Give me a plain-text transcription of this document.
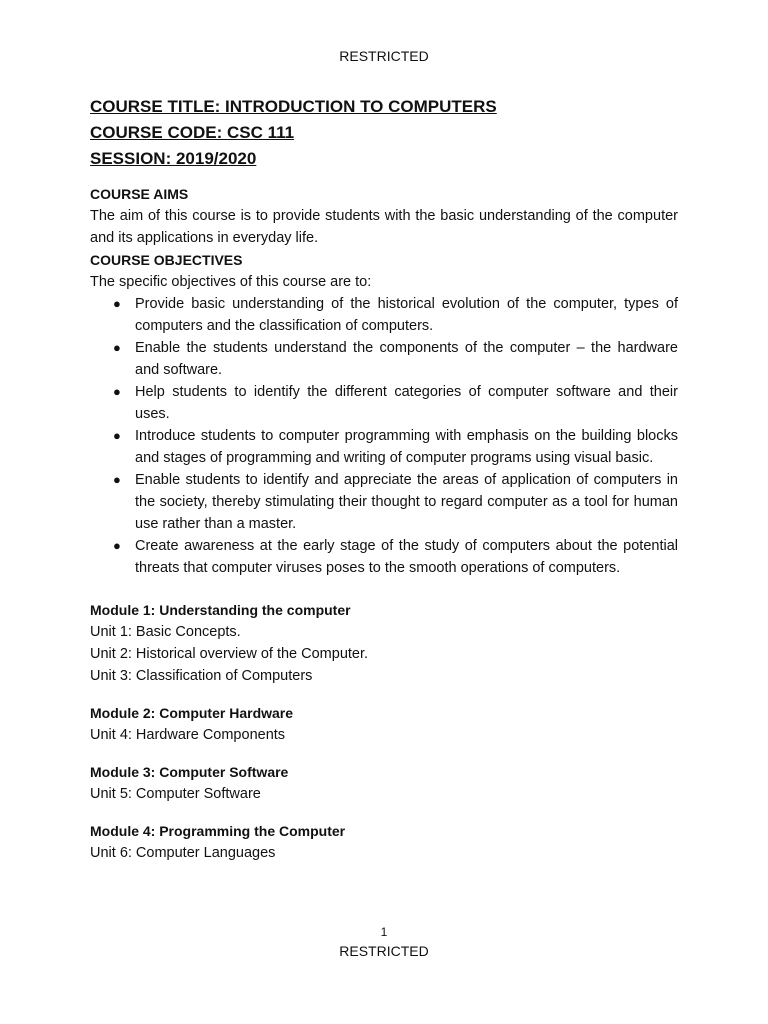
RESTRICTED

COURSE TITLE: INTRODUCTION TO COMPUTERS

COURSE CODE: CSC 111

SESSION: 2019/2020

COURSE AIMS

The aim of this course is to provide students with the basic understanding of the computer and its applications in everyday life.

COURSE OBJECTIVES

The specific objectives of this course are to:

● Provide basic understanding of the historical evolution of the computer, types of computers and the classification of computers.
● Enable the students understand the components of the computer – the hardware and software.
● Help students to identify the different categories of computer software and their uses.
● Introduce students to computer programming with emphasis on the building blocks and stages of programming and writing of computer programs using visual basic.
● Enable students to identify and appreciate the areas of application of computers in the society, thereby stimulating their thought to regard computer as a tool for human use rather than a master.
● Create awareness at the early stage of the study of computers about the potential threats that computer viruses poses to the smooth operations of computers.

Module 1: Understanding the computer

Unit 1: Basic Concepts.

Unit 2: Historical overview of the Computer.

Unit 3: Classification of Computers

Module 2: Computer Hardware

Unit 4: Hardware Components

Module 3: Computer Software

Unit 5: Computer Software

Module 4: Programming the Computer

Unit 6: Computer Languages

1
RESTRICTED
